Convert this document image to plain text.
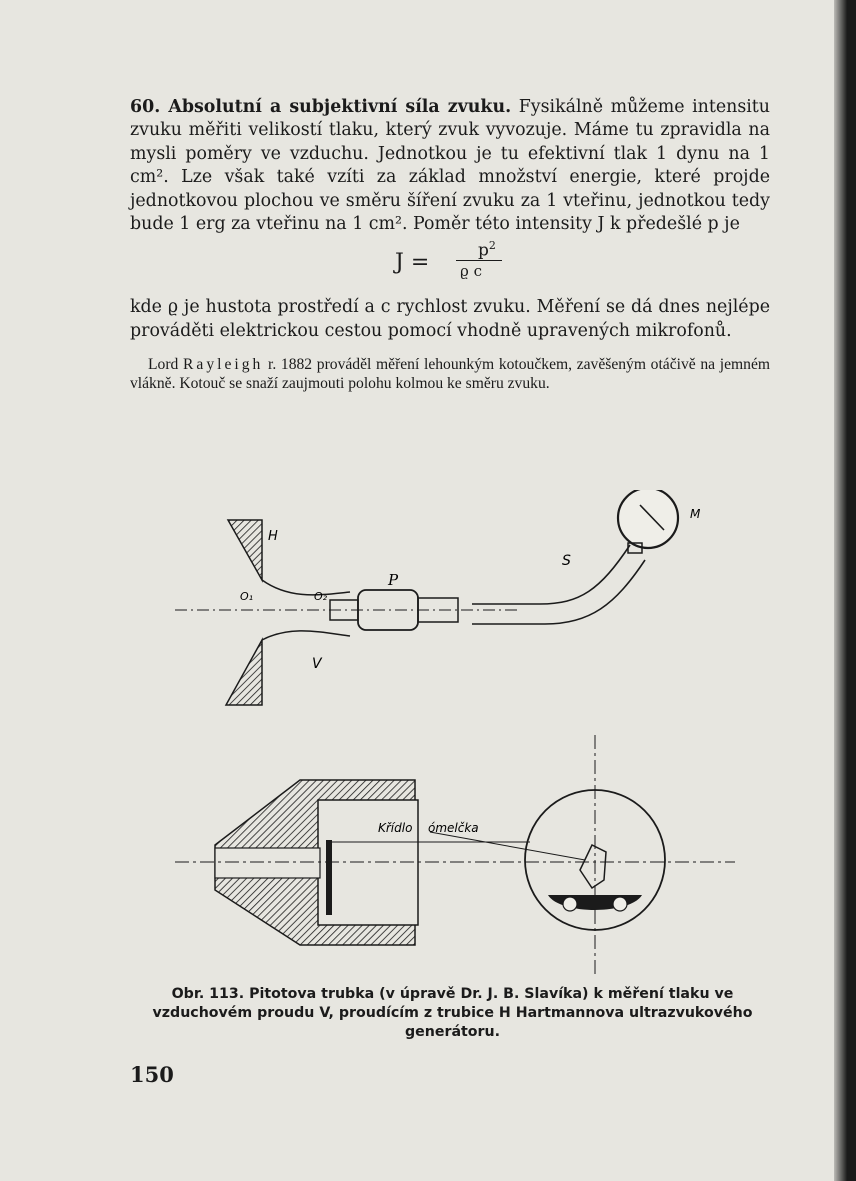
60. Absolutní a subjektivní síla zvuku. Fysikálně můžeme intensitu zvuku měřiti velikostí tlaku, který zvuk vyvozuje. Máme tu zpravidla na mysli poměry ve vzduchu. Jednotkou je tu efektivní tlak 1 dynu na 1 cm². Lze však také vzíti za základ množství energie, které projde jednotkovou plochou ve směru šíření zvuku za 1 vteřinu, jednotkou tedy bude 1 erg za vteřinu na 1 cm². Poměr této intensity J k předešlé p je

J =	$p^2$
ϱ c

kde ϱ je hustota prostředí a c rychlost zvuku. Měření se dá dnes nejlépe prováděti elektrickou cestou pomocí vhodně upravených mikrofonů.

Lord Rayleigh r. 1882 prováděl měření lehounkým kotoučkem, zavěšeným otáčivě na jemném vlákně. Kotouč se snaží zaujmouti polohu kolmou ke směru zvuku.

H
O₁	O₂
P
V
M
S
Křídlo ómelčka
Obr. 113. Pitotova trubka (v úpravě Dr. J. B. Slavíka) k měření tlaku ve vzduchovém proudu V, proudícím z trubice H Hartmannova ultrazvukového generátoru.
150
